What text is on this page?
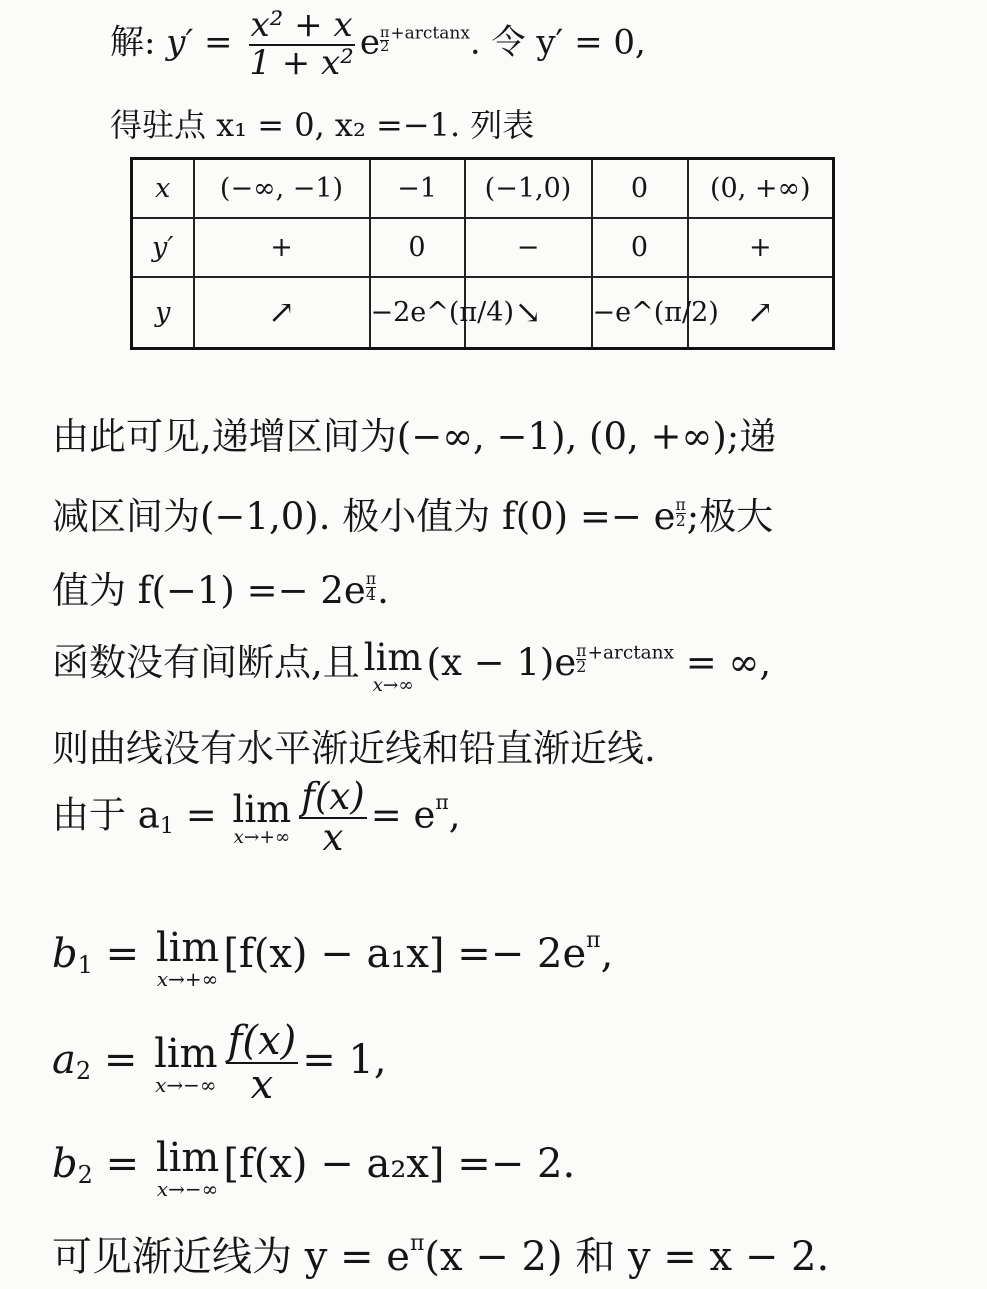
解: $y' = \frac{\text{x² + x}}{\text{1 + x²}}$ e $\frac{\pi}{2} ^{+arctanx}$. 令 y′ = 0,
得驻点 x₁ = 0, x₂ =−1. 列表
x	(−∞, −1)	−1	(−1,0)	0	(0, +∞)
y′	+	0	−	0	+
y	↗	−2e^(π/4)	↘	−e^(π/2)	↗
由此可见,递增区间为(−∞, −1), (0, +∞);递
减区间为(−1,0). 极小值为 f(0) =− e $\frac{\pi}{2}$ ;极大
值为 $f(-1) =- 2e \frac{\pi}{4}$ .
函数没有间断点,且 lim
x→∞
$(x - 1)e \frac{\pi}{2} ^{+arctanx}$ = ∞,
则曲线没有水平渐近线和铅直渐近线.
由于 $a_1 = \lim$
$x\to+\infty \frac{f(x)}{x} = e^\pi$,
$b_1 = \lim$
x→+∞
$[f(x) - a_1x] =- 2e^\pi$,
$a_2 = \lim$
$x\to-\infty \frac{f(x)}{x} = 1$,
$b_2 = \lim$
x→−∞
[f(x) − a₂x] =− 2.
可见渐近线为 $y = e^\pi(x - 2)$ 和 y = x − 2.
